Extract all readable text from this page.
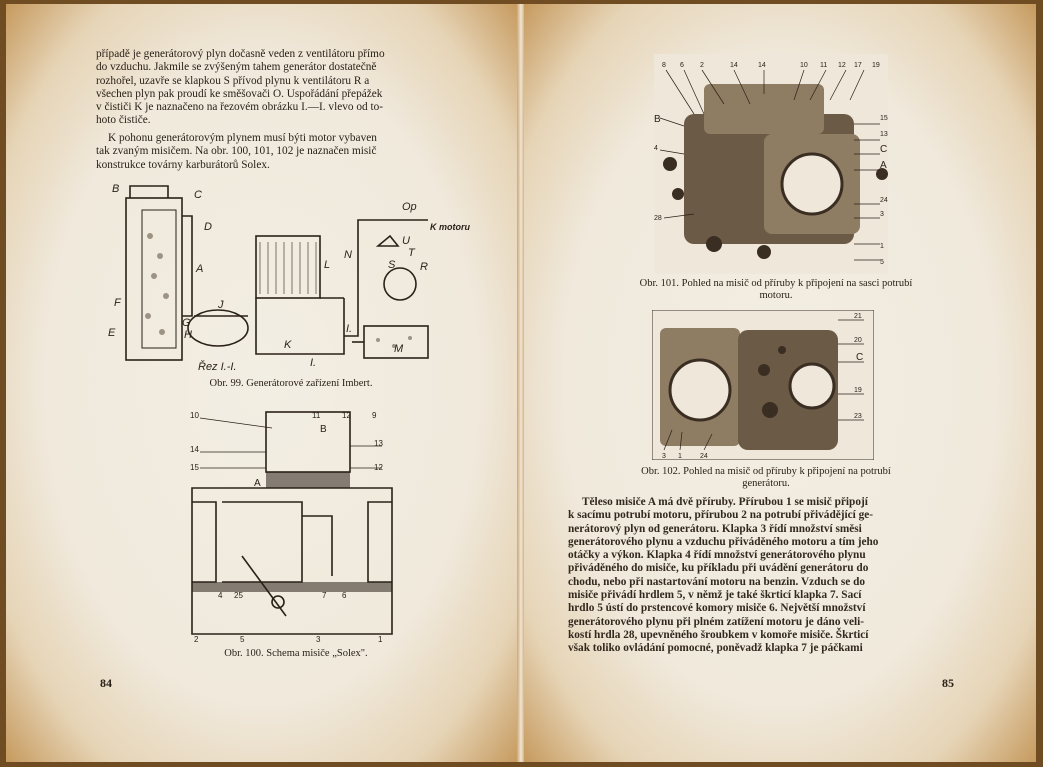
případě je generátorový plyn dočasně veden z ventilátoru přímo
do vzduchu. Jakmile se zvýšeným tahem generátor dostatečně
rozhořel, uzavře se klapkou S přívod plynu k ventilátoru R a
všechen plyn pak proudí ke směšovači O. Uspořádání přepážek
v čističi K je naznačeno na řezovém obrázku I.—I. vlevo od to-
hoto čističe.
K pohonu generátorovým plynem musí býti motor vybaven
tak zvaným misičem. Na obr. 100, 101, 102 je naznačen misič
konstrukce továrny karburátorů Solex.
B	C
D
A
F
E
G
H
J
K
L
N
Op
U
T
S R
M
I.
I.
Řez I.-I.
K motoru

Obr. 99. Generátorové zařízení Imbert.

10	11	12	9
14
13
15	12
B
A
4 25	7 6
2	5	3	1

Obr. 100. Schema misiče „Solex".

84
8 6 2	14	14	10 11 12 17 19
B	15
13
C
A
24
3
4
28
1
5

Obr. 101. Pohled na misič od příruby k připojení na sasci potrubí
motoru.

21
20
C
19
23
3 1	24

Obr. 102. Pohled na misič od příruby k připojení na potrubí
generátoru.

Těleso misiče A má dvě příruby. Přírubou 1 se misič připojí
k sacímu potrubí motoru, přírubou 2 na potrubí přivádějící ge-
nerátorový plyn od generátoru. Klapka 3 řídí množství směsi
generátorového plynu a vzduchu přiváděného motoru a tím jeho
otáčky a výkon. Klapka 4 řídí množství generátorového plynu
přiváděného do misiče, ku příkladu při uvádění generátoru do
chodu, nebo při nastartování motoru na benzin. Vzduch se do
misiče přivádí hrdlem 5, v němž je také škrticí klapka 7. Sací
hrdlo 5 ústí do prstencové komory misiče 6. Největší množství
generátorového plynu při plném zatížení motoru je dáno veli-
kostí hrdla 28, upevněného šroubkem v komoře misiče. Škrticí
však toliko ovládání pomocné, poněvadž klapka 7 je páčkami
85
